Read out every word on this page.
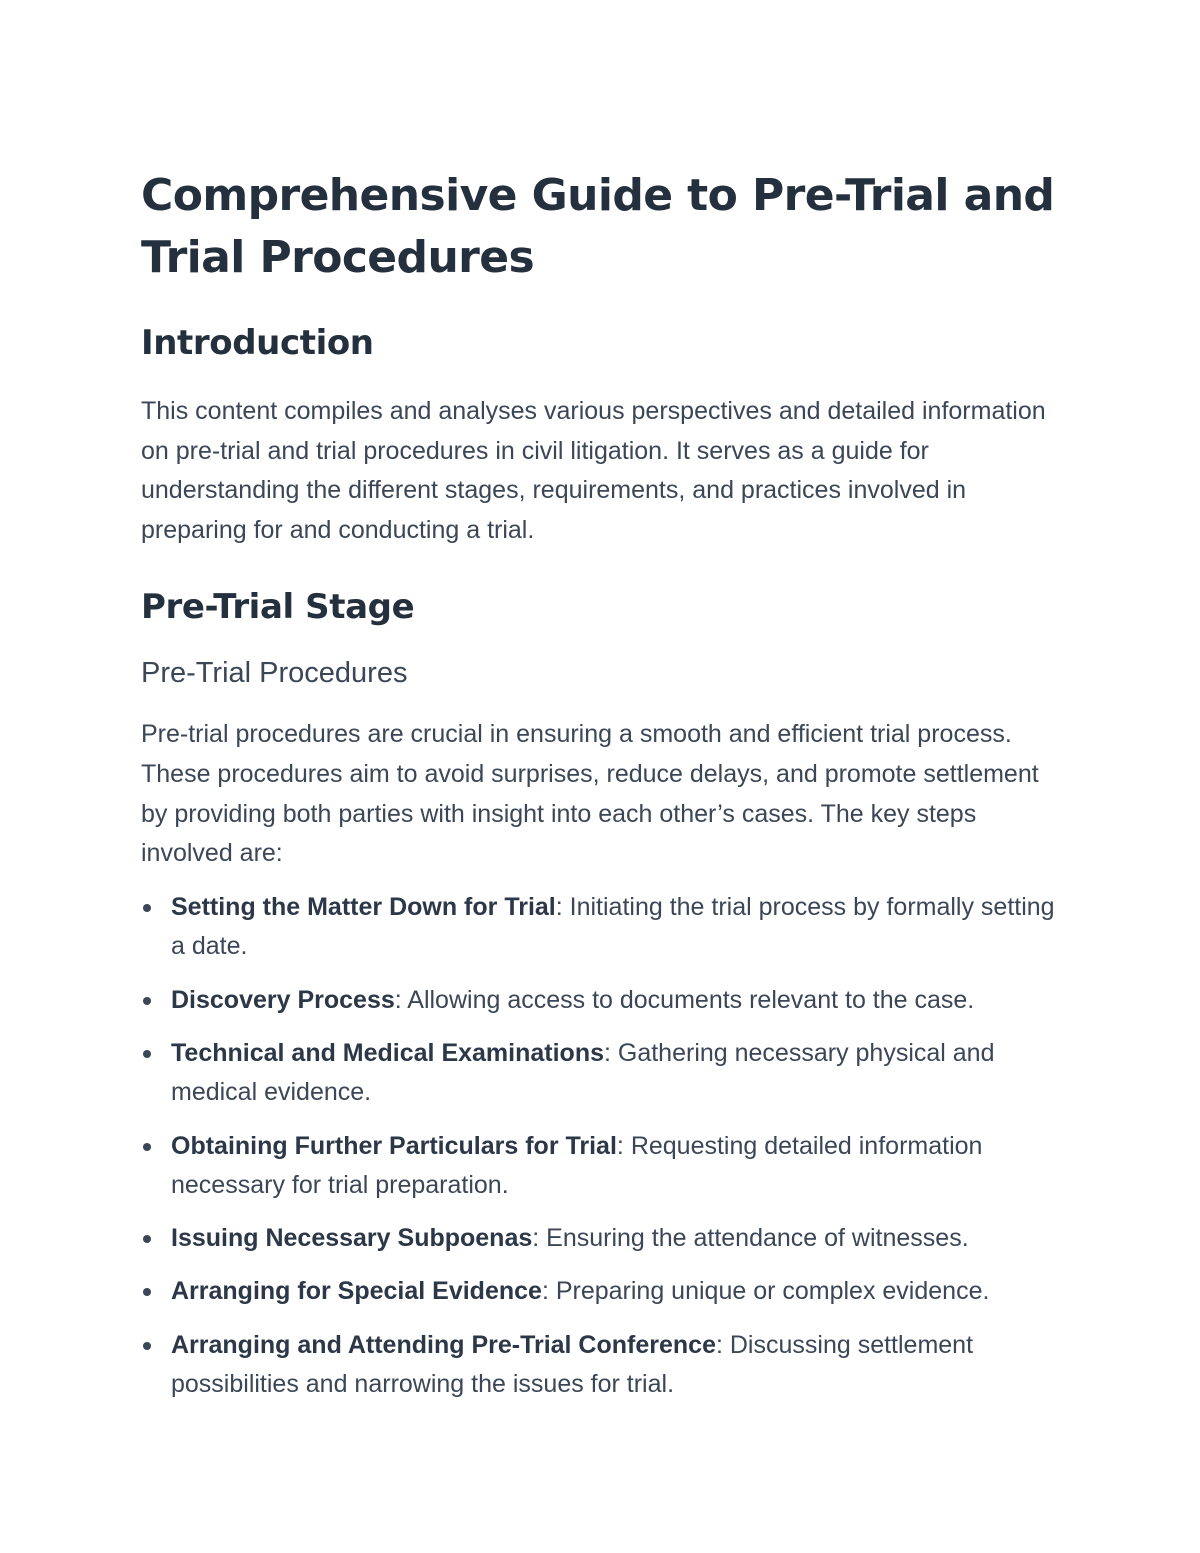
Comprehensive Guide to Pre-Trial and Trial Procedures
Introduction

This content compiles and analyses various perspectives and detailed information on pre-trial and trial procedures in civil litigation. It serves as a guide for understanding the different stages, requirements, and practices involved in preparing for and conducting a trial.

Pre-Trial Stage
Pre-Trial Procedures

Pre-trial procedures are crucial in ensuring a smooth and efficient trial process. These procedures aim to avoid surprises, reduce delays, and promote settlement by providing both parties with insight into each other’s cases. The key steps involved are:

Setting the Matter Down for Trial: Initiating the trial process by formally setting a date.
Discovery Process: Allowing access to documents relevant to the case.
Technical and Medical Examinations: Gathering necessary physical and medical evidence.
Obtaining Further Particulars for Trial: Requesting detailed information necessary for trial preparation.
Issuing Necessary Subpoenas: Ensuring the attendance of witnesses.
Arranging for Special Evidence: Preparing unique or complex evidence.
Arranging and Attending Pre-Trial Conference: Discussing settlement possibilities and narrowing the issues for trial.
